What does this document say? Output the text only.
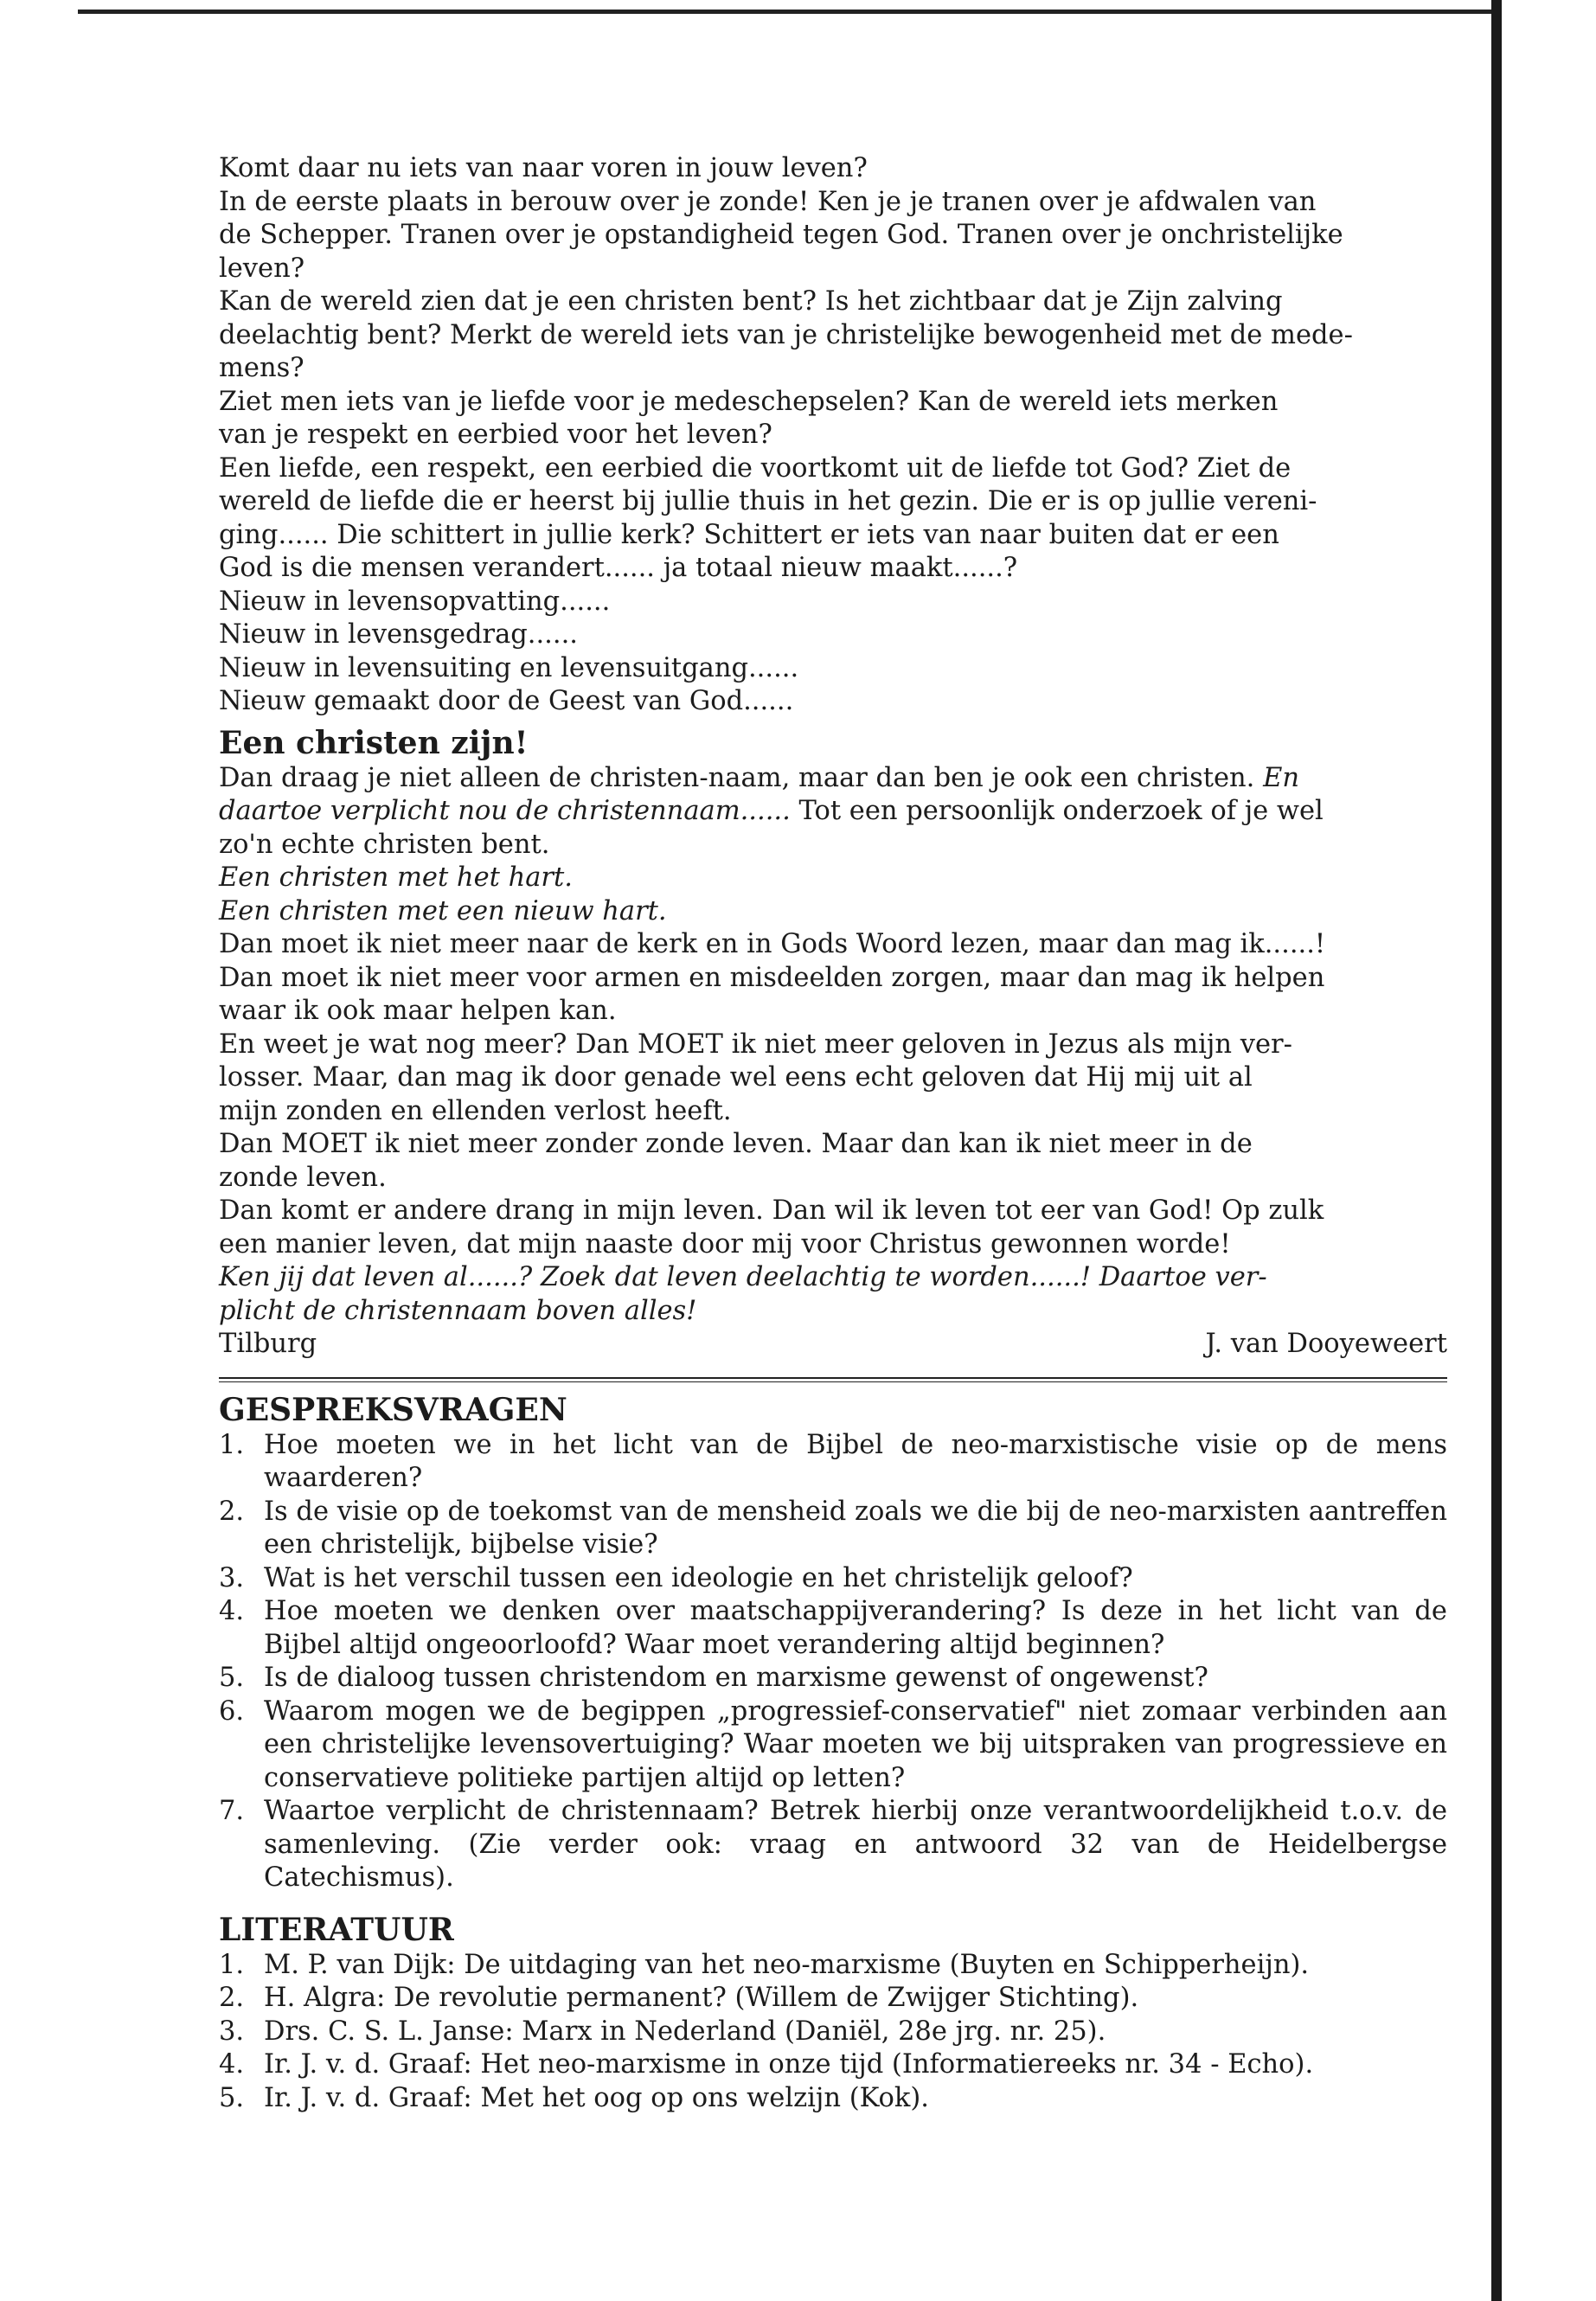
Komt daar nu iets van naar voren in jouw leven?
In de eerste plaats in berouw over je zonde! Ken je je tranen over je afdwalen van
de Schepper. Tranen over je opstandigheid tegen God. Tranen over je onchristelijke
leven?
Kan de wereld zien dat je een christen bent? Is het zichtbaar dat je Zijn zalving
deelachtig bent? Merkt de wereld iets van je christelijke bewogenheid met de mede-
mens?
Ziet men iets van je liefde voor je medeschepselen? Kan de wereld iets merken
van je respekt en eerbied voor het leven?
Een liefde, een respekt, een eerbied die voortkomt uit de liefde tot God? Ziet de
wereld de liefde die er heerst bij jullie thuis in het gezin. Die er is op jullie vereni-
ging...... Die schittert in jullie kerk? Schittert er iets van naar buiten dat er een
God is die mensen verandert...... ja totaal nieuw maakt......?
Nieuw in levensopvatting......
Nieuw in levensgedrag......
Nieuw in levensuiting en levensuitgang......
Nieuw gemaakt door de Geest van God......
Een christen zijn!
Dan draag je niet alleen de christen-naam, maar dan ben je ook een christen. En
daartoe verplicht nou de christennaam...... Tot een persoonlijk onderzoek of je wel
zo'n echte christen bent.
Een christen met het hart.
Een christen met een nieuw hart.
Dan moet ik niet meer naar de kerk en in Gods Woord lezen, maar dan mag ik......!
Dan moet ik niet meer voor armen en misdeelden zorgen, maar dan mag ik helpen
waar ik ook maar helpen kan.
En weet je wat nog meer? Dan MOET ik niet meer geloven in Jezus als mijn ver-
losser. Maar, dan mag ik door genade wel eens echt geloven dat Hij mij uit al
mijn zonden en ellenden verlost heeft.
Dan MOET ik niet meer zonder zonde leven. Maar dan kan ik niet meer in de
zonde leven.
Dan komt er andere drang in mijn leven. Dan wil ik leven tot eer van God! Op zulk
een manier leven, dat mijn naaste door mij voor Christus gewonnen worde!
Ken jij dat leven al......? Zoek dat leven deelachtig te worden......! Daartoe ver-
plicht de christennaam boven alles!
Tilburg	J. van Dooyeweert
GESPREKSVRAGEN
1. Hoe moeten we in het licht van de Bijbel de neo-marxistische visie op de mens waarderen?
2. Is de visie op de toekomst van de mensheid zoals we die bij de neo-marxisten aantreffen een christelijk, bijbelse visie?
3. Wat is het verschil tussen een ideologie en het christelijk geloof?
4. Hoe moeten we denken over maatschappijverandering? Is deze in het licht van de Bijbel altijd ongeoorloofd? Waar moet verandering altijd beginnen?
5. Is de dialoog tussen christendom en marxisme gewenst of ongewenst?
6. Waarom mogen we de begippen „progressief-conservatief" niet zomaar verbinden aan een christelijke levensovertuiging? Waar moeten we bij uitspraken van progressieve en conservatieve politieke partijen altijd op letten?
7. Waartoe verplicht de christennaam? Betrek hierbij onze verantwoordelijkheid t.o.v. de samenleving. (Zie verder ook: vraag en antwoord 32 van de Heidelbergse Catechismus).
LITERATUUR
1. M. P. van Dijk: De uitdaging van het neo-marxisme (Buyten en Schipperheijn).
2. H. Algra: De revolutie permanent? (Willem de Zwijger Stichting).
3. Drs. C. S. L. Janse: Marx in Nederland (Daniël, 28e jrg. nr. 25).
4. Ir. J. v. d. Graaf: Het neo-marxisme in onze tijd (Informatiereeks nr. 34 - Echo).
5. Ir. J. v. d. Graaf: Met het oog op ons welzijn (Kok).
